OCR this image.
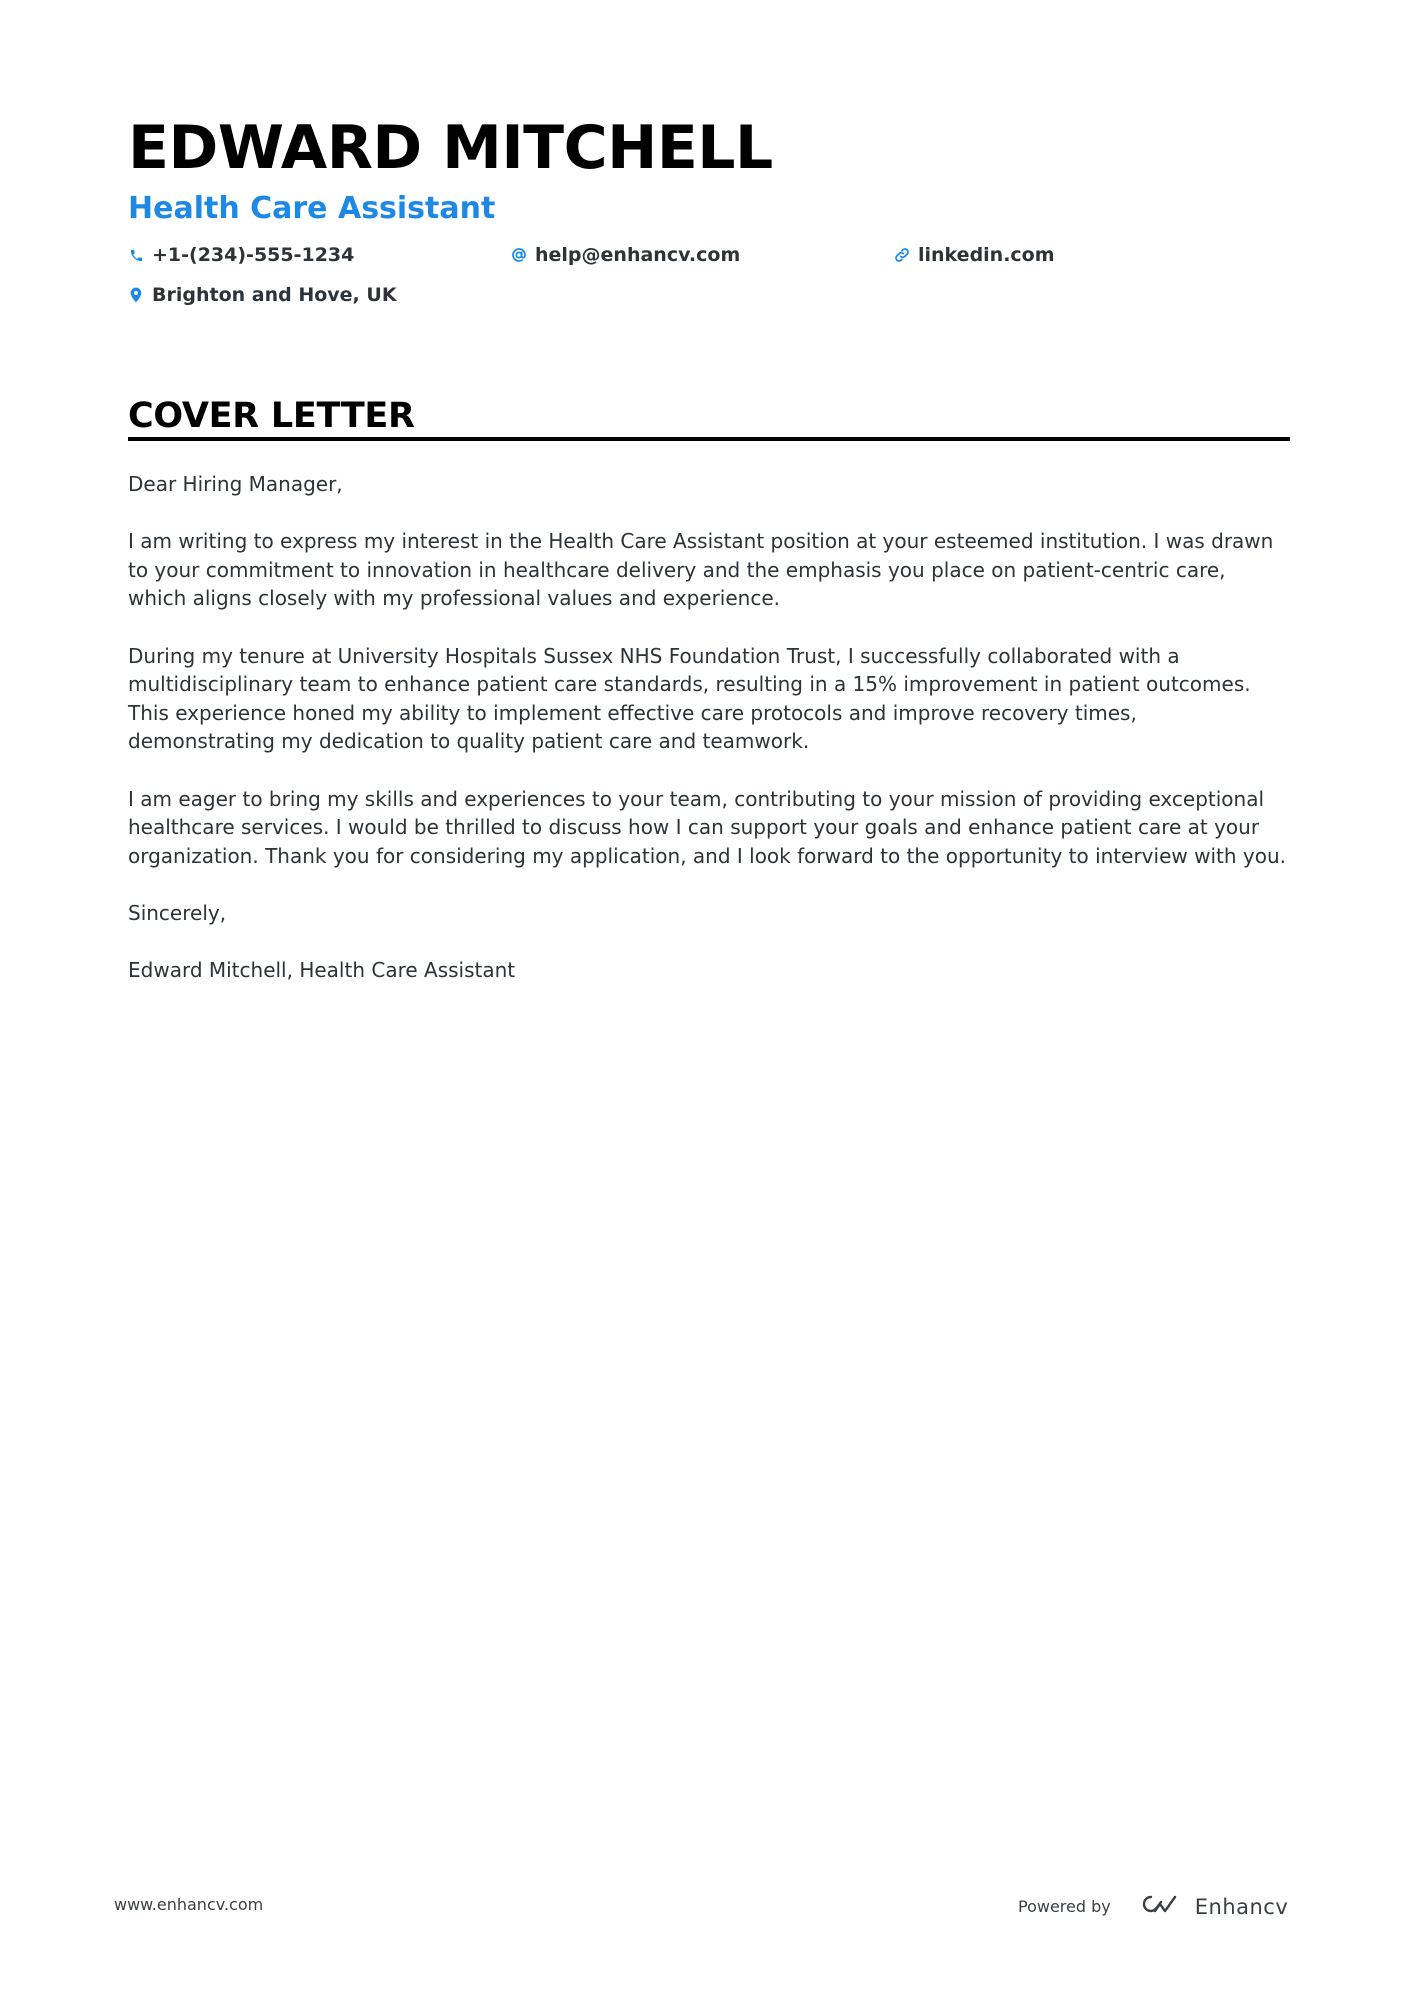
EDWARD MITCHELL
Health Care Assistant
+1-(234)-555-1234	help@enhancv.com	linkedin.com
Brighton and Hove, UK
COVER LETTER

Dear Hiring Manager,

I am writing to express my interest in the Health Care Assistant position at your esteemed institution. I was drawn to your commitment to innovation in healthcare delivery and the emphasis you place on patient-centric care, which aligns closely with my professional values and experience.

During my tenure at University Hospitals Sussex NHS Foundation Trust, I successfully collaborated with a multidisciplinary team to enhance patient care standards, resulting in a 15% improvement in patient outcomes. This experience honed my ability to implement effective care protocols and improve recovery times, demonstrating my dedication to quality patient care and teamwork.

I am eager to bring my skills and experiences to your team, contributing to your mission of providing exceptional healthcare services. I would be thrilled to discuss how I can support your goals and enhance patient care at your organization. Thank you for considering my application, and I look forward to the opportunity to interview with you.

Sincerely,

Edward Mitchell, Health Care Assistant

www.enhancv.com	Powered by	Enhancv
